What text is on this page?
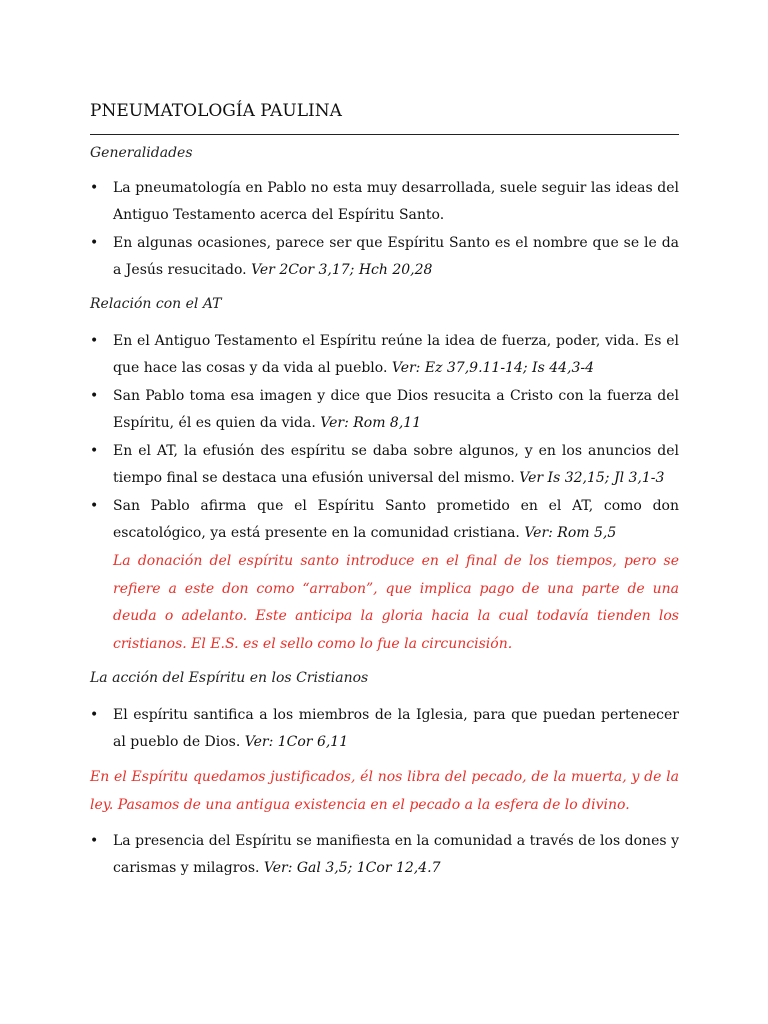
PNEUMATOLOGÍA PAULINA
Generalidades
• La pneumatología en Pablo no esta muy desarrollada, suele seguir las ideas del Antiguo Testamento acerca del Espíritu Santo.
• En algunas ocasiones, parece ser que Espíritu Santo es el nombre que se le da a Jesús resucitado. Ver 2Cor 3,17; Hch 20,28
Relación con el AT
• En el Antiguo Testamento el Espíritu reúne la idea de fuerza, poder, vida. Es el que hace las cosas y da vida al pueblo. Ver: Ez 37,9.11-14; Is 44,3-4
• San Pablo toma esa imagen y dice que Dios resucita a Cristo con la fuerza del Espíritu, él es quien da vida. Ver: Rom 8,11
• En el AT, la efusión des espíritu se daba sobre algunos, y en los anuncios del tiempo final se destaca una efusión universal del mismo. Ver Is 32,15; Jl 3,1-3
• San Pablo afirma que el Espíritu Santo prometido en el AT, como don escatológico, ya está presente en la comunidad cristiana. Ver: Rom 5,5
La donación del espíritu santo introduce en el final de los tiempos, pero se refiere a este don como “arrabon”, que implica pago de una parte de una deuda o adelanto. Este anticipa la gloria hacia la cual todavía tienden los cristianos. El E.S. es el sello como lo fue la circuncisión.
La acción del Espíritu en los Cristianos
• El espíritu santifica a los miembros de la Iglesia, para que puedan pertenecer al pueblo de Dios. Ver: 1Cor 6,11
En el Espíritu quedamos justificados, él nos libra del pecado, de la muerta, y de la ley. Pasamos de una antigua existencia en el pecado a la esfera de lo divino.
• La presencia del Espíritu se manifiesta en la comunidad a través de los dones y carismas y milagros. Ver: Gal 3,5; 1Cor 12,4.7
